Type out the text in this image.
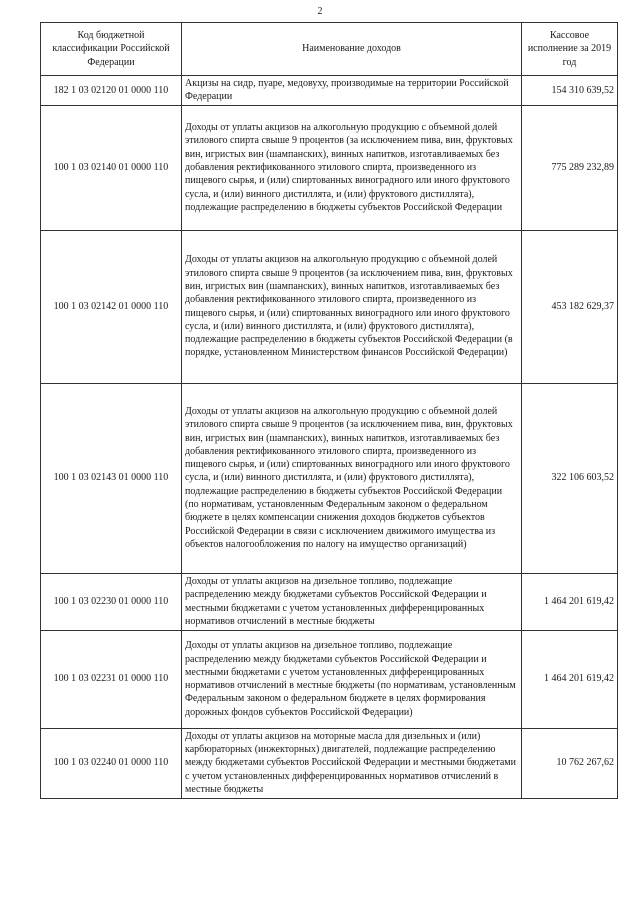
2
Код бюджетной классификации Российской Федерации	Наименование доходов	Кассовое исполнение за 2019 год
182 1 03 02120 01 0000 110	Акцизы на сидр, пуаре, медовуху, производимые на территории Российской Федерации	154 310 639,52
100 1 03 02140 01 0000 110	Доходы от уплаты акцизов на алкогольную продукцию с объемной долей этилового спирта свыше 9 процентов (за исключением пива, вин, фруктовых вин, игристых вин (шампанских), винных напитков, изготавливаемых без добавления ректификованного этилового спирта, произведенного из пищевого сырья, и (или) спиртованных виноградного или иного фруктового сусла, и (или) винного дистиллята, и (или) фруктового дистиллята), подлежащие распределению в бюджеты субъектов Российской Федерации	775 289 232,89
100 1 03 02142 01 0000 110	Доходы от уплаты акцизов на алкогольную продукцию с объемной долей этилового спирта свыше 9 процентов (за исключением пива, вин, фруктовых вин, игристых вин (шампанских), винных напитков, изготавливаемых без добавления ректификованного этилового спирта, произведенного из пищевого сырья, и (или) спиртованных виноградного или иного фруктового сусла, и (или) винного дистиллята, и (или) фруктового дистиллята), подлежащие распределению в бюджеты субъектов Российской Федерации (в порядке, установленном Министерством финансов Российской Федерации)	453 182 629,37
100 1 03 02143 01 0000 110	Доходы от уплаты акцизов на алкогольную продукцию с объемной долей этилового спирта свыше 9 процентов (за исключением пива, вин, фруктовых вин, игристых вин (шампанских), винных напитков, изготавливаемых без добавления ректификованного этилового спирта, произведенного из пищевого сырья, и (или) спиртованных виноградного или иного фруктового сусла, и (или) винного дистиллята, и (или) фруктового дистиллята), подлежащие распределению в бюджеты субъектов Российской Федерации (по нормативам, установленным Федеральным законом о федеральном бюджете в целях компенсации снижения доходов бюджетов субъектов Российской Федерации в связи с исключением движимого имущества из объектов налогообложения по налогу на имущество организаций)	322 106 603,52
100 1 03 02230 01 0000 110	Доходы от уплаты акцизов на дизельное топливо, подлежащие распределению между бюджетами субъектов Российской Федерации и местными бюджетами с учетом установленных дифференцированных нормативов отчислений в местные бюджеты	1 464 201 619,42
100 1 03 02231 01 0000 110	Доходы от уплаты акцизов на дизельное топливо, подлежащие распределению между бюджетами субъектов Российской Федерации и местными бюджетами с учетом установленных дифференцированных нормативов отчислений в местные бюджеты (по нормативам, установленным Федеральным законом о федеральном бюджете в целях формирования дорожных фондов субъектов Российской Федерации)	1 464 201 619,42
100 1 03 02240 01 0000 110	Доходы от уплаты акцизов на моторные масла для дизельных и (или) карбюраторных (инжекторных) двигателей, подлежащие распределению между бюджетами субъектов Российской Федерации и местными бюджетами с учетом установленных дифференцированных нормативов отчислений в местные бюджеты	10 762 267,62
